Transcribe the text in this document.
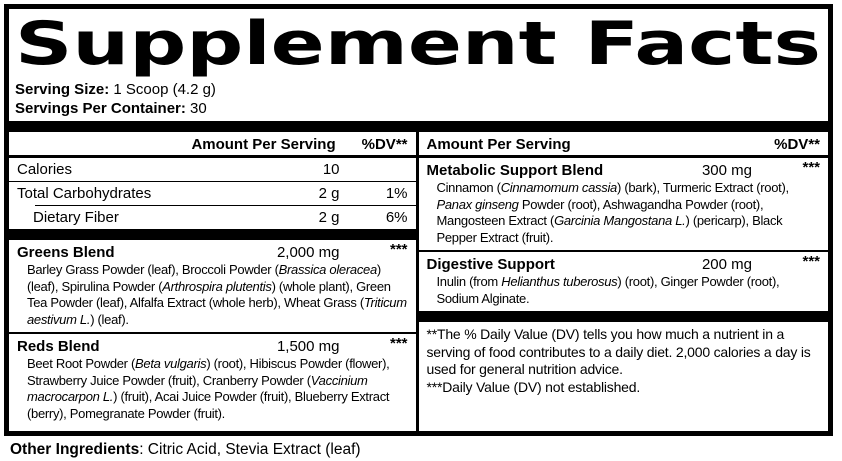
Supplement Facts
Serving Size: 1 Scoop (4.2 g)
Servings Per Container: 30
Amount Per Serving %DV**
Calories	10
Total Carbohydrates	2 g	1%
Dietary Fiber	2 g	6%
Greens Blend	2,000 mg	***
Barley Grass Powder (leaf), Broccoli Powder (Brassica oleracea) (leaf), Spirulina Powder (Arthrospira plutentis) (whole plant), Green Tea Powder (leaf), Alfalfa Extract (whole herb), Wheat Grass (Triticum aestivum L.) (leaf).
Reds Blend	1,500 mg	***
Beet Root Powder (Beta vulgaris) (root), Hibiscus Powder (flower), Strawberry Juice Powder (fruit), Cranberry Powder (Vaccinium macrocarpon L.) (fruit), Acai Juice Powder (fruit), Blueberry Extract (berry), Pomegranate Powder (fruit).
Amount Per Serving	%DV**
Metabolic Support Blend	300 mg	***
Cinnamon (Cinnamomum cassia) (bark), Turmeric Extract (root), Panax ginseng Powder (root), Ashwagandha Powder (root), Mangosteen Extract (Garcinia Mangostana L.) (pericarp), Black Pepper Extract (fruit).
Digestive Support	200 mg	***
Inulin (from Helianthus tuberosus) (root), Ginger Powder (root), Sodium Alginate.

**The % Daily Value (DV) tells you how much a nutrient in a serving of food contributes to a daily diet. 2,000 calories a day is used for general nutrition advice.

***Daily Value (DV) not established.

Other Ingredients: Citric Acid, Stevia Extract (leaf)
